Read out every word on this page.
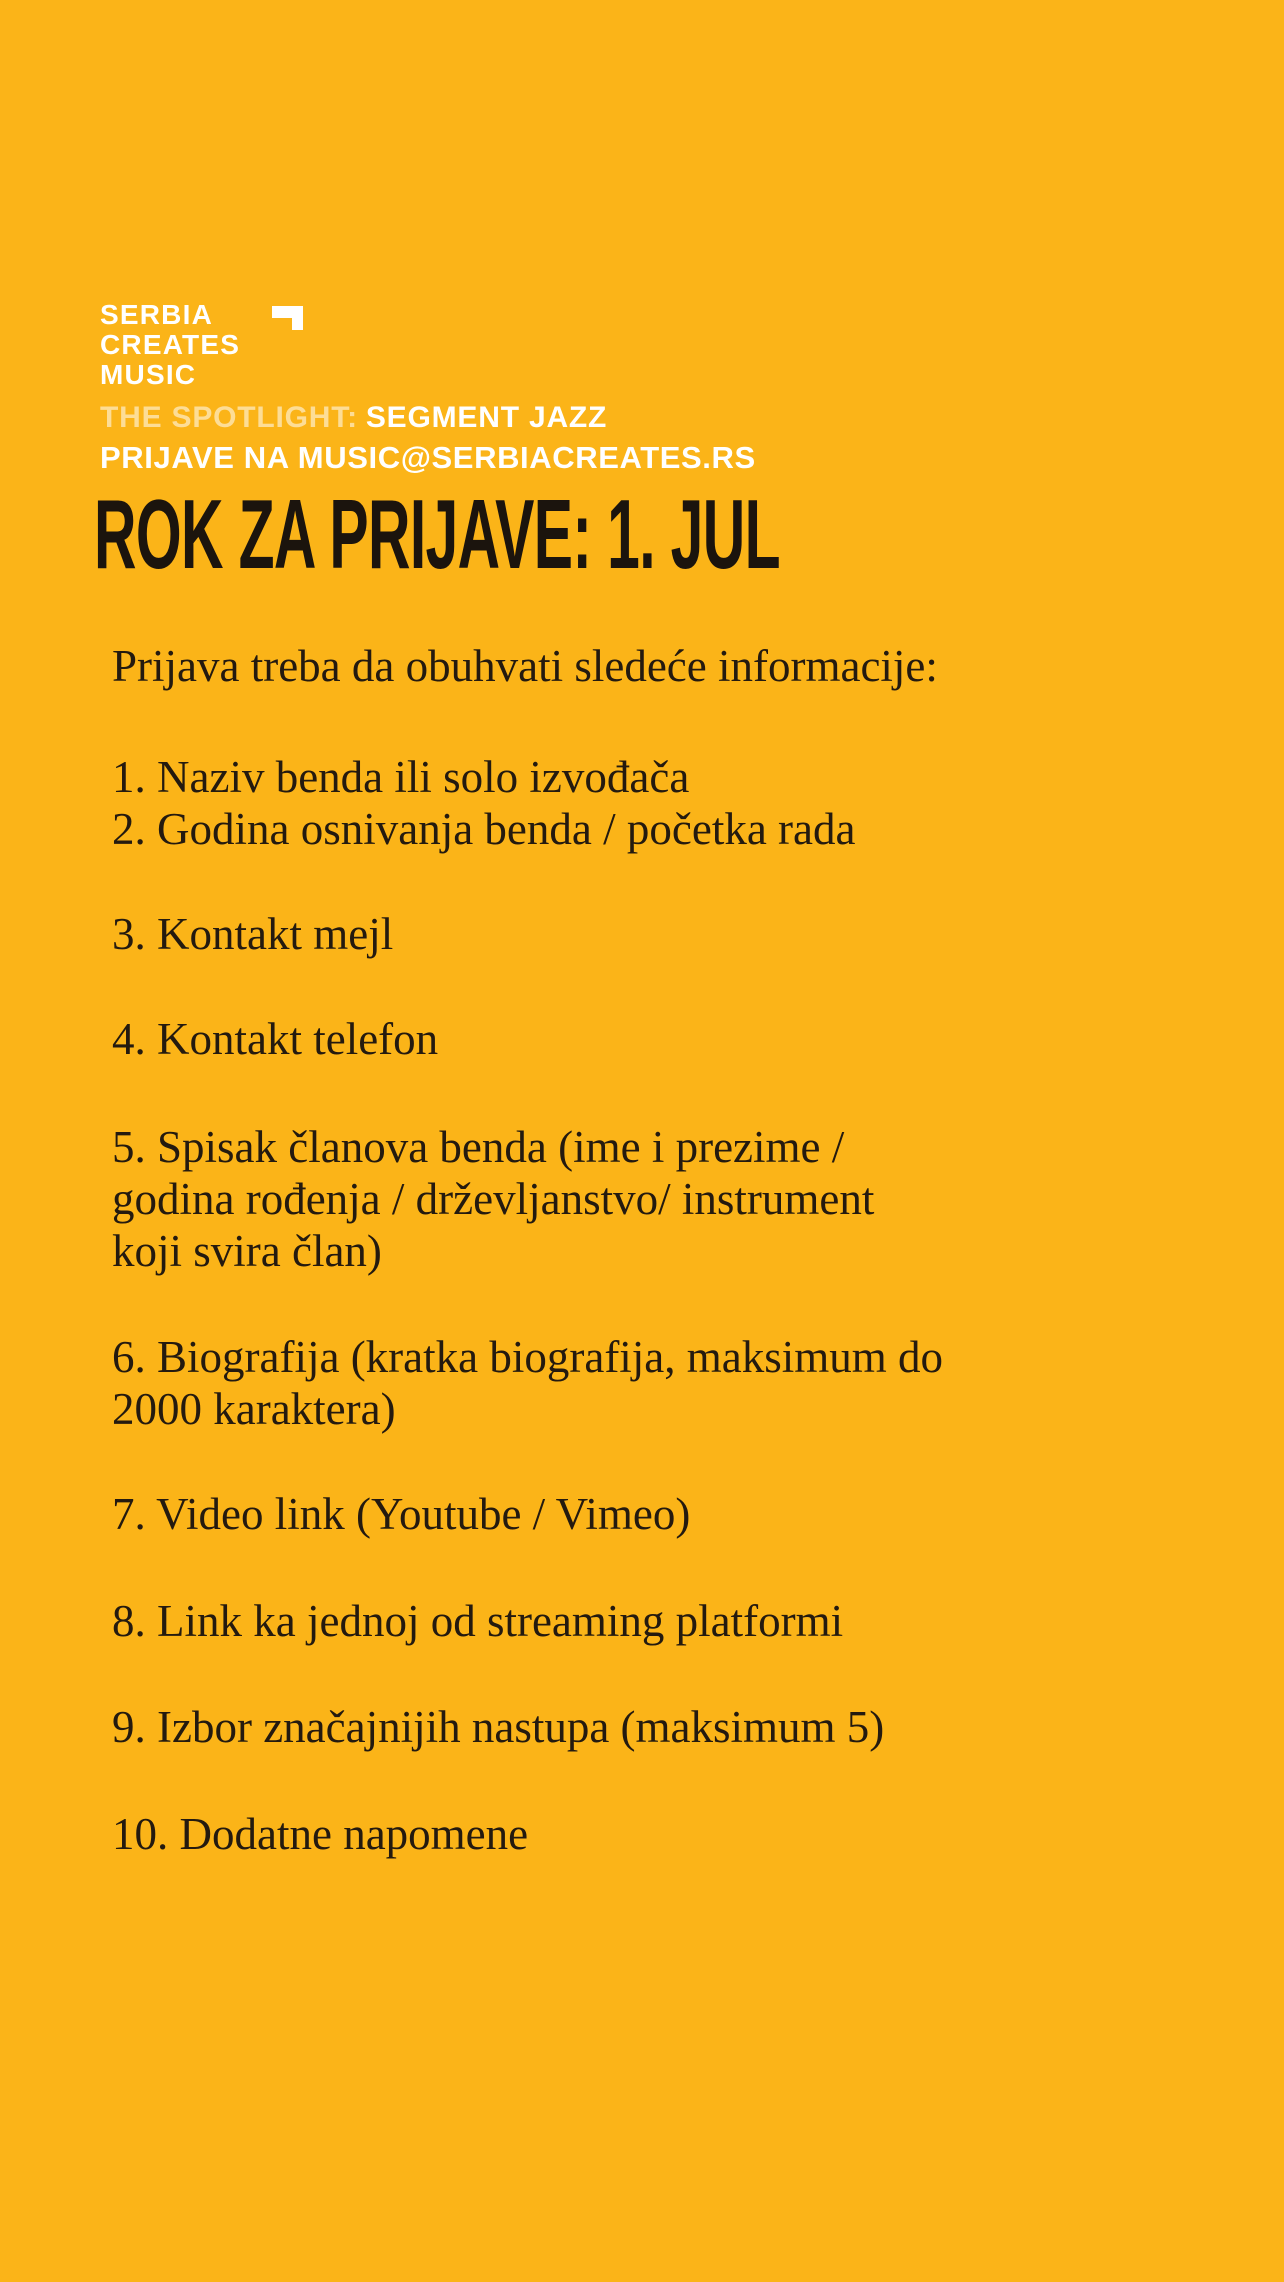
SERBIA
CREATES
MUSIC
THE SPOTLIGHT: SEGMENT JAZZ
PRIJAVE NA MUSIC@SERBIACREATES.RS
ROK ZA PRIJAVE: 1. JUL
Prijava treba da obuhvati sledeće informacije:
1. Naziv benda ili solo izvođača
2. Godina osnivanja benda / početka rada
3. Kontakt mejl
4. Kontakt telefon
5. Spisak članova benda (ime i prezime /
godina rođenja / drževljanstvo/ instrument
koji svira član)
6. Biografija (kratka biografija, maksimum do
2000 karaktera)
7. Video link (Youtube / Vimeo)
8. Link ka jednoj od streaming platformi
9. Izbor značajnijih nastupa (maksimum 5)
10. Dodatne napomene
